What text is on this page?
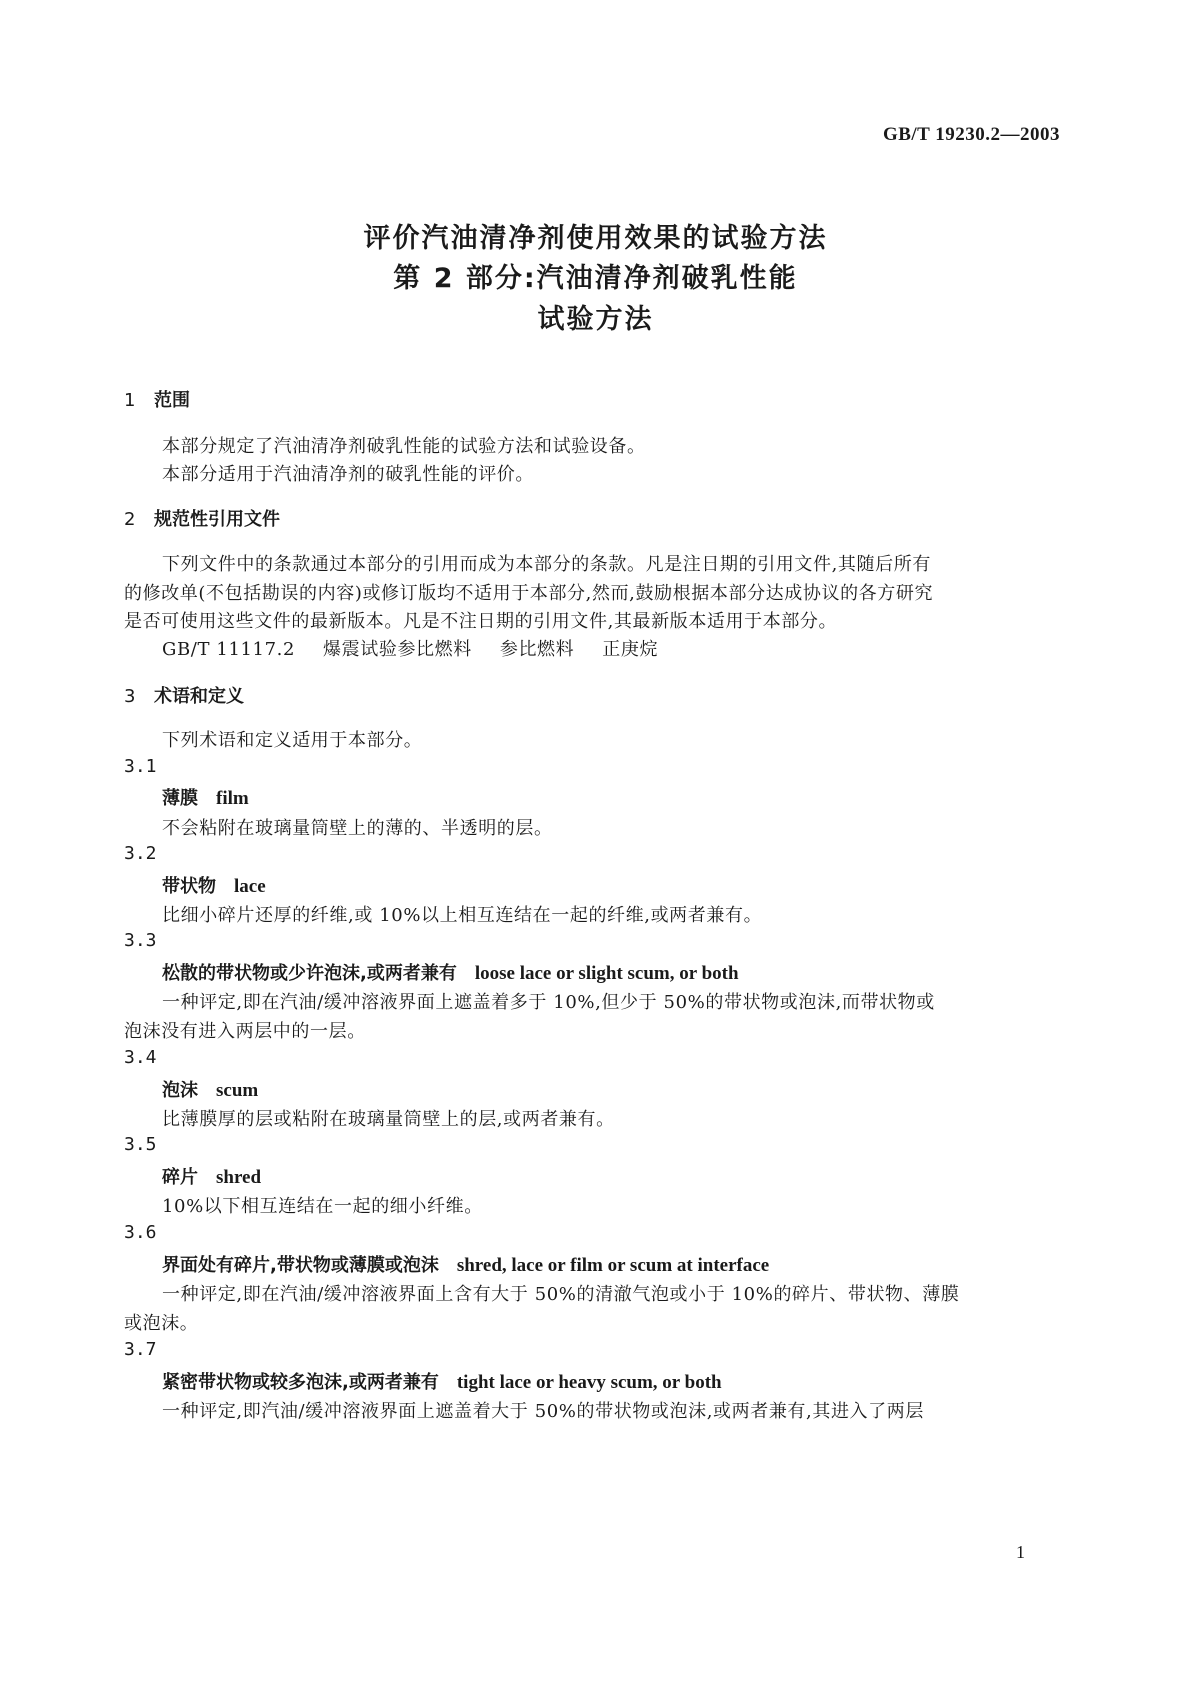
GB/T 19230.2—2003
评价汽油清净剂使用效果的试验方法
第 2 部分:汽油清净剂破乳性能
试验方法
1 范围
本部分规定了汽油清净剂破乳性能的试验方法和试验设备。
本部分适用于汽油清净剂的破乳性能的评价。
2 规范性引用文件
下列文件中的条款通过本部分的引用而成为本部分的条款。凡是注日期的引用文件,其随后所有
的修改单(不包括勘误的内容)或修订版均不适用于本部分,然而,鼓励根据本部分达成协议的各方研究
是否可使用这些文件的最新版本。凡是不注日期的引用文件,其最新版本适用于本部分。
GB/T 11117.2 爆震试验参比燃料 参比燃料 正庚烷
3 术语和定义
下列术语和定义适用于本部分。
3.1
薄膜 film
不会粘附在玻璃量筒壁上的薄的、半透明的层。
3.2
带状物 lace
比细小碎片还厚的纤维,或 10%以上相互连结在一起的纤维,或两者兼有。
3.3
松散的带状物或少许泡沫,或两者兼有 loose lace or slight scum, or both
一种评定,即在汽油/缓冲溶液界面上遮盖着多于 10%,但少于 50%的带状物或泡沫,而带状物或
泡沫没有进入两层中的一层。
3.4
泡沫 scum
比薄膜厚的层或粘附在玻璃量筒壁上的层,或两者兼有。
3.5
碎片 shred
10%以下相互连结在一起的细小纤维。
3.6
界面处有碎片,带状物或薄膜或泡沫 shred, lace or film or scum at interface
一种评定,即在汽油/缓冲溶液界面上含有大于 50%的清澈气泡或小于 10%的碎片、带状物、薄膜
或泡沫。
3.7
紧密带状物或较多泡沫,或两者兼有 tight lace or heavy scum, or both
一种评定,即汽油/缓冲溶液界面上遮盖着大于 50%的带状物或泡沫,或两者兼有,其进入了两层
1
